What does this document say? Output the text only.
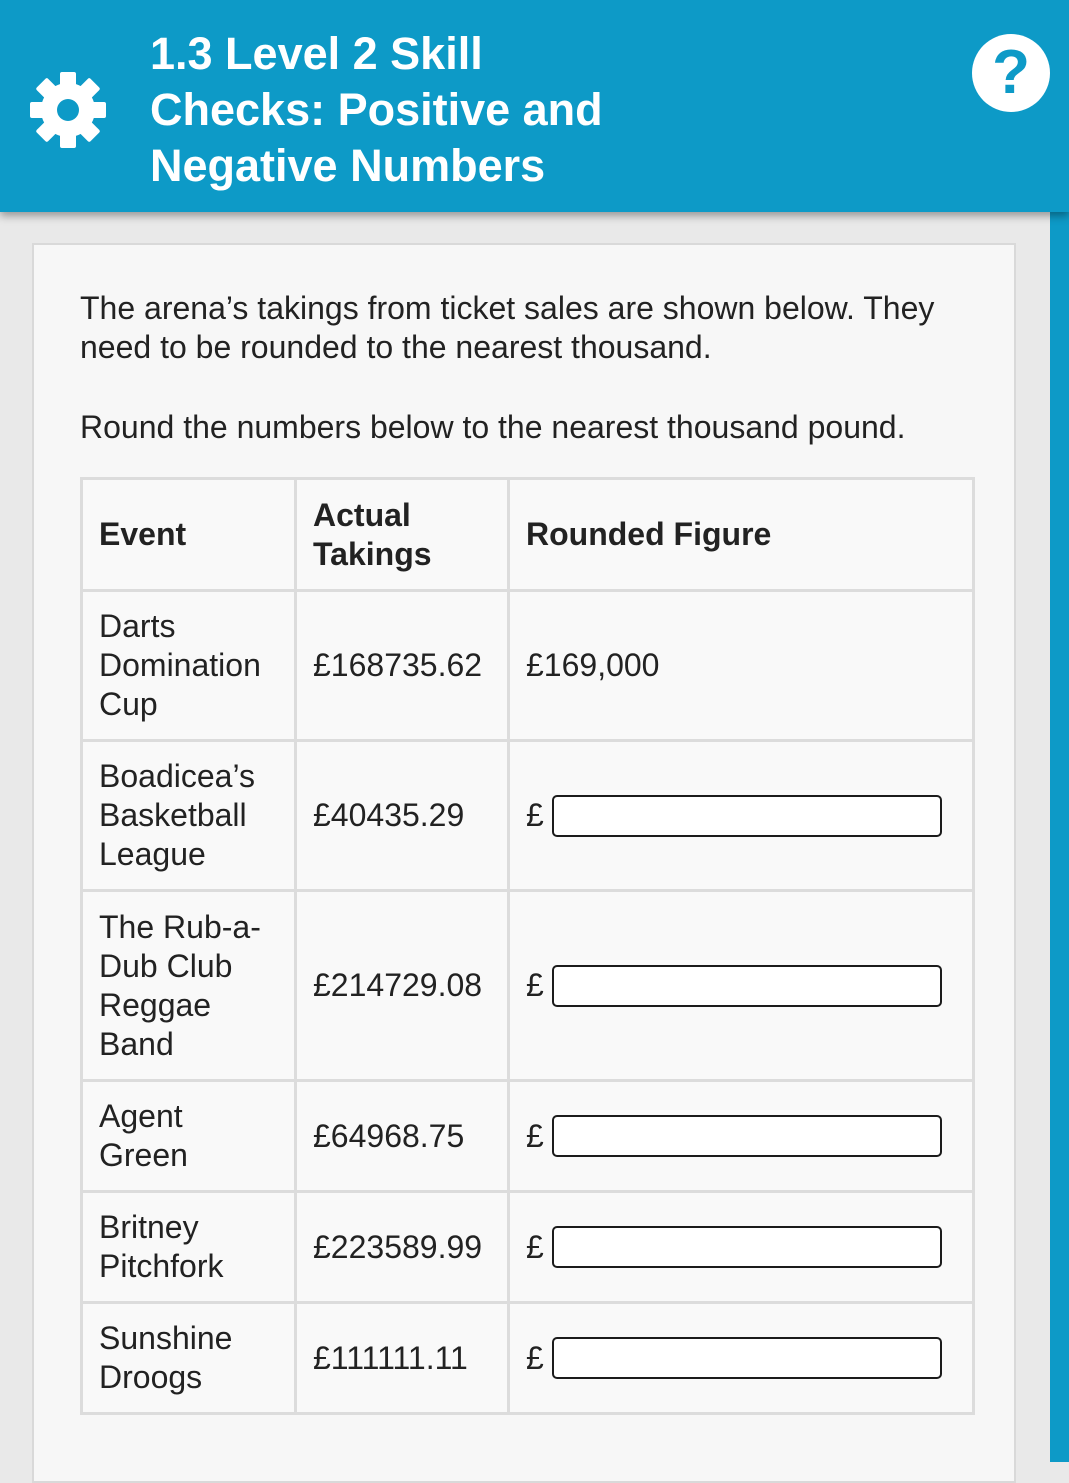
1.3 Level 2 Skill Checks: Positive and Negative Numbers
?

The arena’s takings from ticket sales are shown below. They need to be rounded to the nearest thousand.

Round the numbers below to the nearest thousand pound.

Event	Actual Takings	Rounded Figure
Darts Domination Cup	£168735.62	£169,000
Boadicea’s Basketball League	£40435.29	£

The Rub-a-Dub Club Reggae Band	£214729.08	£

Agent Green	£64968.75	£

Britney Pitchfork	£223589.99	£

Sunshine Droogs	£111111.11	£
